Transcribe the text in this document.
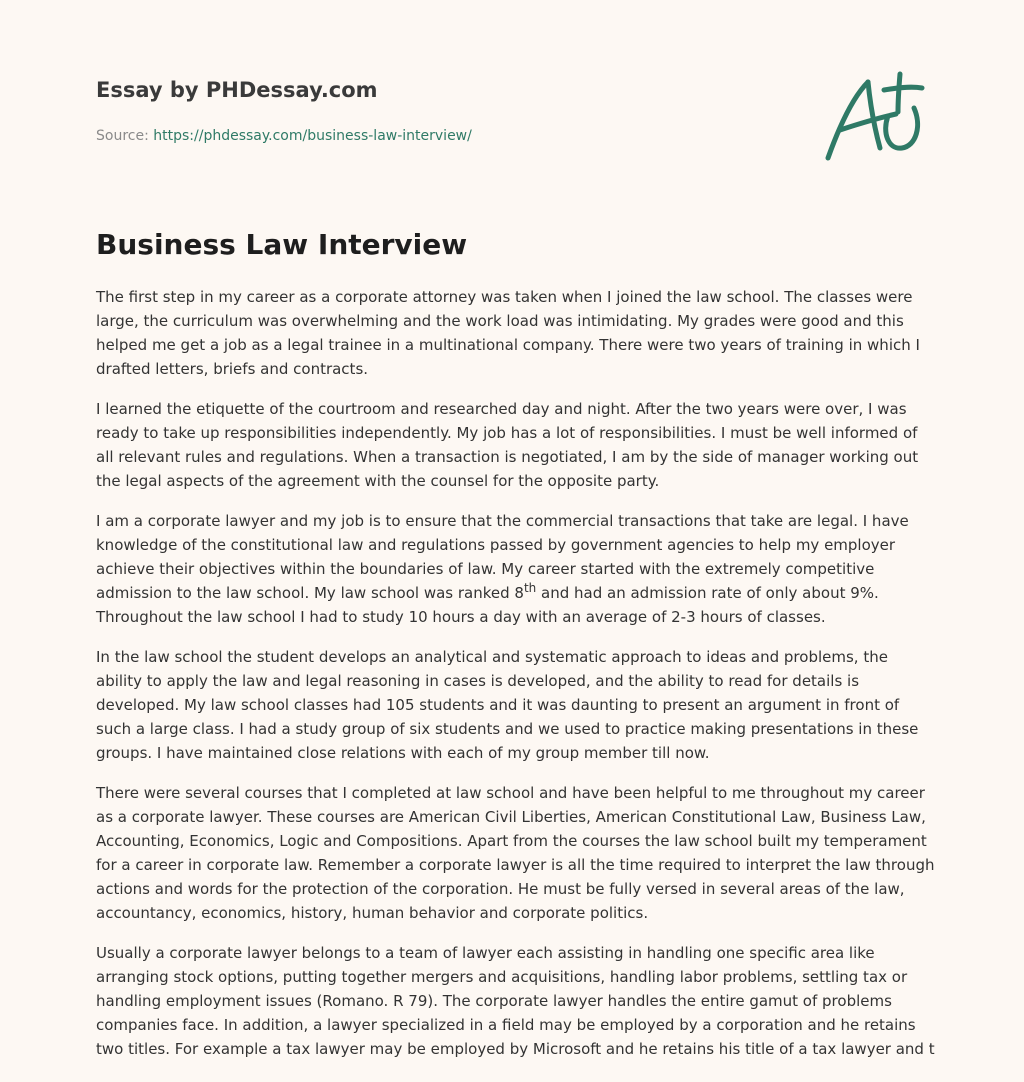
Essay by PHDessay.com
Source: https://phdessay.com/business-law-interview/
Business Law Interview

The first step in my career as a corporate attorney was taken when I joined the law school. The classes were large, the curriculum was overwhelming and the work load was intimidating. My grades were good and this helped me get a job as a legal trainee in a multinational company. There were two years of training in which I drafted letters, briefs and contracts.

I learned the etiquette of the courtroom and researched day and night. After the two years were over, I was ready to take up responsibilities independently. My job has a lot of responsibilities. I must be well informed of all relevant rules and regulations. When a transaction is negotiated, I am by the side of manager working out the legal aspects of the agreement with the counsel for the opposite party.

I am a corporate lawyer and my job is to ensure that the commercial transactions that take are legal. I have knowledge of the constitutional law and regulations passed by government agencies to help my employer achieve their objectives within the boundaries of law. My career started with the extremely competitive admission to the law school. My law school was ranked 8th and had an admission rate of only about 9%. Throughout the law school I had to study 10 hours a day with an average of 2-3 hours of classes.

In the law school the student develops an analytical and systematic approach to ideas and problems, the ability to apply the law and legal reasoning in cases is developed, and the ability to read for details is developed. My law school classes had 105 students and it was daunting to present an argument in front of such a large class. I had a study group of six students and we used to practice making presentations in these groups. I have maintained close relations with each of my group member till now.

There were several courses that I completed at law school and have been helpful to me throughout my career as a corporate lawyer. These courses are American Civil Liberties, American Constitutional Law, Business Law, Accounting, Economics, Logic and Compositions. Apart from the courses the law school built my temperament for a career in corporate law. Remember a corporate lawyer is all the time required to interpret the law through actions and words for the protection of the corporation. He must be fully versed in several areas of the law, accountancy, economics, history, human behavior and corporate politics.

Usually a corporate lawyer belongs to a team of lawyer each assisting in handling one specific area like arranging stock options, putting together mergers and acquisitions, handling labor problems, settling tax or handling employment issues (Romano. R 79). The corporate lawyer handles the entire gamut of problems companies face. In addition, a lawyer specialized in a field may be employed by a corporation and he retains two titles. For example a tax lawyer may be employed by Microsoft and he retains his title of a tax lawyer and t
